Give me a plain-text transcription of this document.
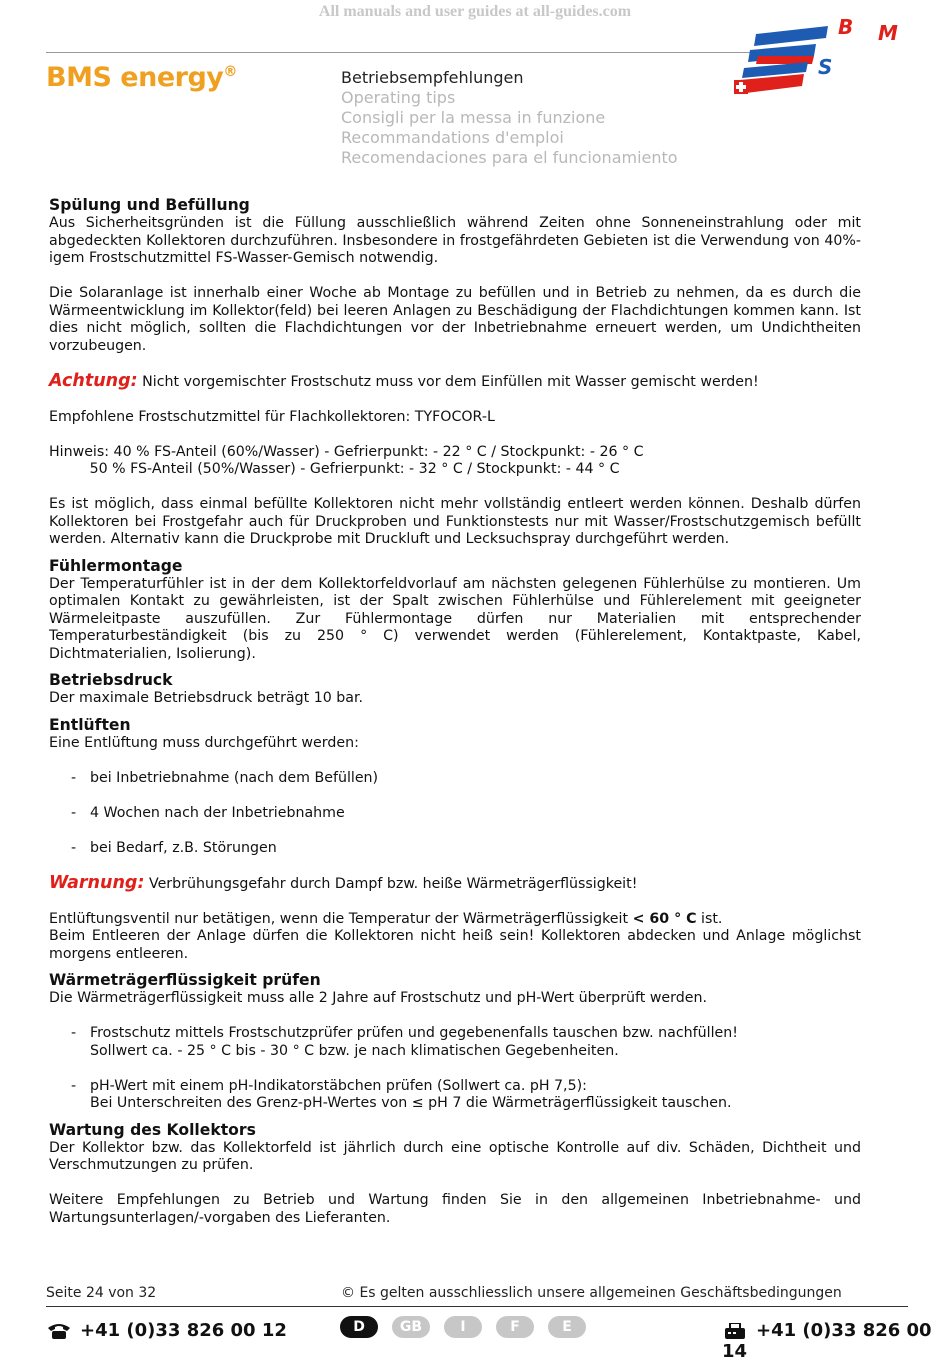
All manuals and user guides at all-guides.com
BMS energy®	Betriebsempfehlungen
Operating tips
Consigli per la messa in funzione
Recommandations d'emploi
Recomendaciones para el funcionamiento
B M
S
Spülung und Befüllung

Aus Sicherheitsgründen ist die Füllung ausschließlich während Zeiten ohne Sonneneinstrahlung oder mit abgedeckten Kollektoren durchzuführen. Insbesondere in frostgefährdeten Gebieten ist die Verwendung von 40%-igem Frostschutzmittel FS-Wasser-Gemisch notwendig.

Die Solaranlage ist innerhalb einer Woche ab Montage zu befüllen und in Betrieb zu nehmen, da es durch die Wärmeentwicklung im Kollektor(feld) bei leeren Anlagen zu Beschädigung der Flachdichtungen kommen kann. Ist dies nicht möglich, sollten die Flachdichtungen vor der Inbetriebnahme erneuert werden, um Undichtheiten vorzubeugen.

Achtung: Nicht vorgemischter Frostschutz muss vor dem Einfüllen mit Wasser gemischt werden!

Empfohlene Frostschutzmittel für Flachkollektoren: TYFOCOR-L

Hinweis: 40 % FS-Anteil (60%/Wasser) - Gefrierpunkt: - 22 ° C / Stockpunkt: - 26 ° C
50 % FS-Anteil (50%/Wasser) - Gefrierpunkt: - 32 ° C / Stockpunkt: - 44 ° C

Es ist möglich, dass einmal befüllte Kollektoren nicht mehr vollständig entleert werden können. Deshalb dürfen Kollektoren bei Frostgefahr auch für Druckproben und Funktionstests nur mit Wasser/Frostschutzgemisch befüllt werden. Alternativ kann die Druckprobe mit Druckluft und Lecksuchspray durchgeführt werden.

Fühlermontage

Der Temperaturfühler ist in der dem Kollektorfeldvorlauf am nächsten gelegenen Fühlerhülse zu montieren. Um optimalen Kontakt zu gewährleisten, ist der Spalt zwischen Fühlerhülse und Fühlerelement mit geeigneter Wärmeleitpaste auszufüllen. Zur Fühlermontage dürfen nur Materialien mit entsprechender Temperaturbeständigkeit (bis zu 250 ° C) verwendet werden (Fühlerelement, Kontaktpaste, Kabel, Dichtmaterialien, Isolierung).

Betriebsdruck

Der maximale Betriebsdruck beträgt 10 bar.

Entlüften

Eine Entlüftung muss durchgeführt werden:

- bei Inbetriebnahme (nach dem Befüllen)
- 4 Wochen nach der Inbetriebnahme
- bei Bedarf, z.B. Störungen

Warnung: Verbrühungsgefahr durch Dampf bzw. heiße Wärmeträgerflüssigkeit!

Entlüftungsventil nur betätigen, wenn die Temperatur der Wärmeträgerflüssigkeit < 60 ° C ist.

Beim Entleeren der Anlage dürfen die Kollektoren nicht heiß sein! Kollektoren abdecken und Anlage möglichst morgens entleeren.

Wärmeträgerflüssigkeit prüfen

Die Wärmeträgerflüssigkeit muss alle 2 Jahre auf Frostschutz und pH-Wert überprüft werden.

- Frostschutz mittels Frostschutzprüfer prüfen und gegebenenfalls tauschen bzw. nachfüllen!
Sollwert ca. - 25 ° C bis - 30 ° C bzw. je nach klimatischen Gegebenheiten.
- pH-Wert mit einem pH-Indikatorstäbchen prüfen (Sollwert ca. pH 7,5):
Bei Unterschreiten des Grenz-pH-Wertes von ≤ pH 7 die Wärmeträgerflüssigkeit tauschen.
Wartung des Kollektors

Der Kollektor bzw. das Kollektorfeld ist jährlich durch eine optische Kontrolle auf div. Schäden, Dichtheit und Verschmutzungen zu prüfen.

Weitere Empfehlungen zu Betrieb und Wartung finden Sie in den allgemeinen Inbetriebnahme- und Wartungsunterlagen/-vorgaben des Lieferanten.

Seite 24 von 32	© Es gelten ausschliesslich unsere allgemeinen Geschäftsbedingungen
+41 (0)33 826 00 12	D	GB	I	F	E	+41 (0)33 826 00 14
